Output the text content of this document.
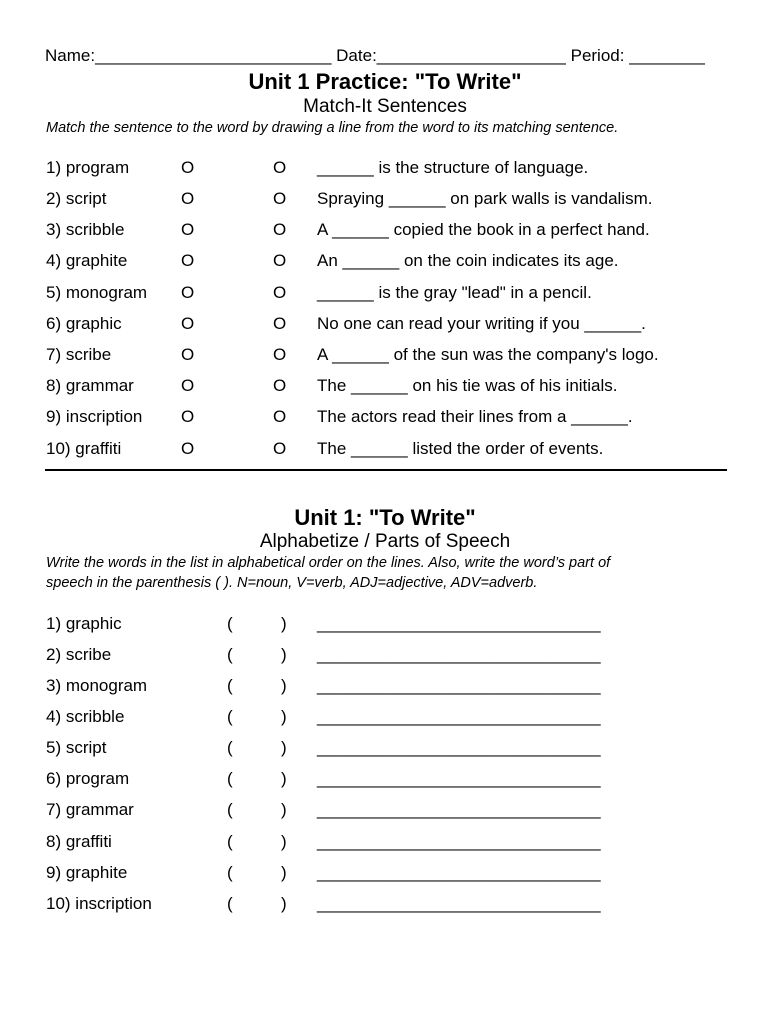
Name:_________________________ Date:____________________ Period: ________
Unit 1 Practice: "To Write"
Match-It Sentences
Match the sentence to the word by drawing a line from the word to its matching sentence.
1) program	O	O ______ is the structure of language.
2) script	O	O Spraying ______ on park walls is vandalism.
3) scribble	O	O A ______ copied the book in a perfect hand.
4) graphite	O	O An ______ on the coin indicates its age.
5) monogram O	O ______ is the gray "lead" in a pencil.
6) graphic	O	O No one can read your writing if you ______.
7) scribe	O	O A ______ of the sun was the company's logo.
8) grammar	O	O The ______ on his tie was of his initials.
9) inscription O	O The actors read their lines from a ______.
10) graffiti	O	O The ______ listed the order of events.
Unit 1: "To Write"
Alphabetize / Parts of Speech
Write the words in the list in alphabetical order on the lines. Also, write the word’s part of
speech in the parenthesis ( ). N=noun, V=verb, ADJ=adjective, ADV=adverb.
1) graphic	(	) ______________________________
2) scribe	(	) ______________________________
3) monogram	(	) ______________________________
4) scribble	(	) ______________________________
5) script	(	) ______________________________
6) program	(	) ______________________________
7) grammar	(	) ______________________________
8) graffiti	(	) ______________________________
9) graphite	(	) ______________________________
10) inscription	(	) ______________________________
